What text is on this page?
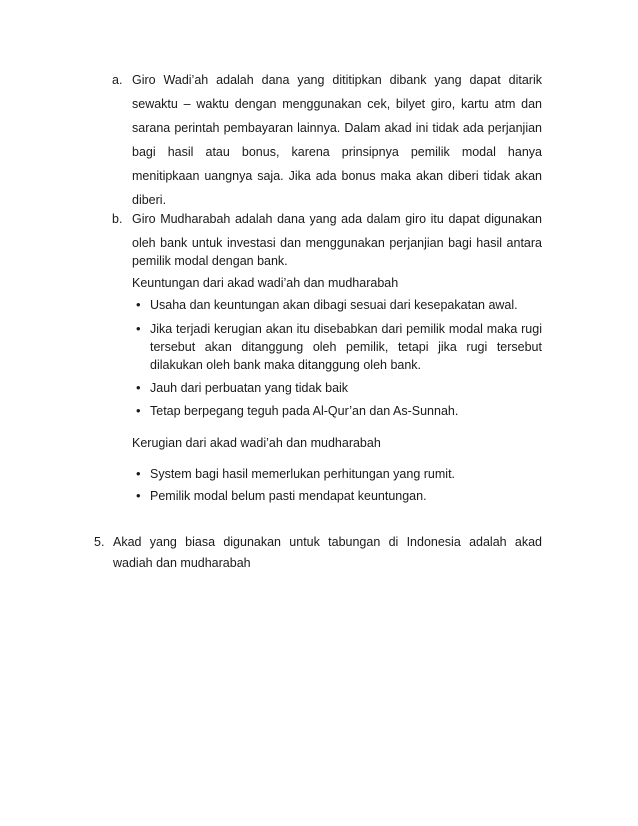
a. Giro Wadi’ah adalah dana yang dititipkan dibank yang dapat ditarik
sewaktu – waktu dengan menggunakan cek, bilyet giro, kartu atm dan
sarana perintah pembayaran lainnya. Dalam akad ini tidak ada perjanjian
bagi hasil atau bonus, karena prinsipnya pemilik modal hanya
menitipkaan uangnya saja. Jika ada bonus maka akan diberi tidak akan
diberi.
b. Giro Mudharabah adalah dana yang ada dalam giro itu dapat digunakan
oleh bank untuk investasi dan menggunakan perjanjian bagi hasil antara
pemilik modal dengan bank.
Keuntungan dari akad wadi’ah dan mudharabah
• Usaha dan keuntungan akan dibagi sesuai dari kesepakatan awal.
• Jika terjadi kerugian akan itu disebabkan dari pemilik modal maka rugi
tersebut akan ditanggung oleh pemilik, tetapi jika rugi tersebut
dilakukan oleh bank maka ditanggung oleh bank.
• Jauh dari perbuatan yang tidak baik
• Tetap berpegang teguh pada Al-Qur’an dan As-Sunnah.
Kerugian dari akad wadi’ah dan mudharabah
• System bagi hasil memerlukan perhitungan yang rumit.
• Pemilik modal belum pasti mendapat keuntungan.
5. Akad yang biasa digunakan untuk tabungan di Indonesia adalah akad
wadiah dan mudharabah
